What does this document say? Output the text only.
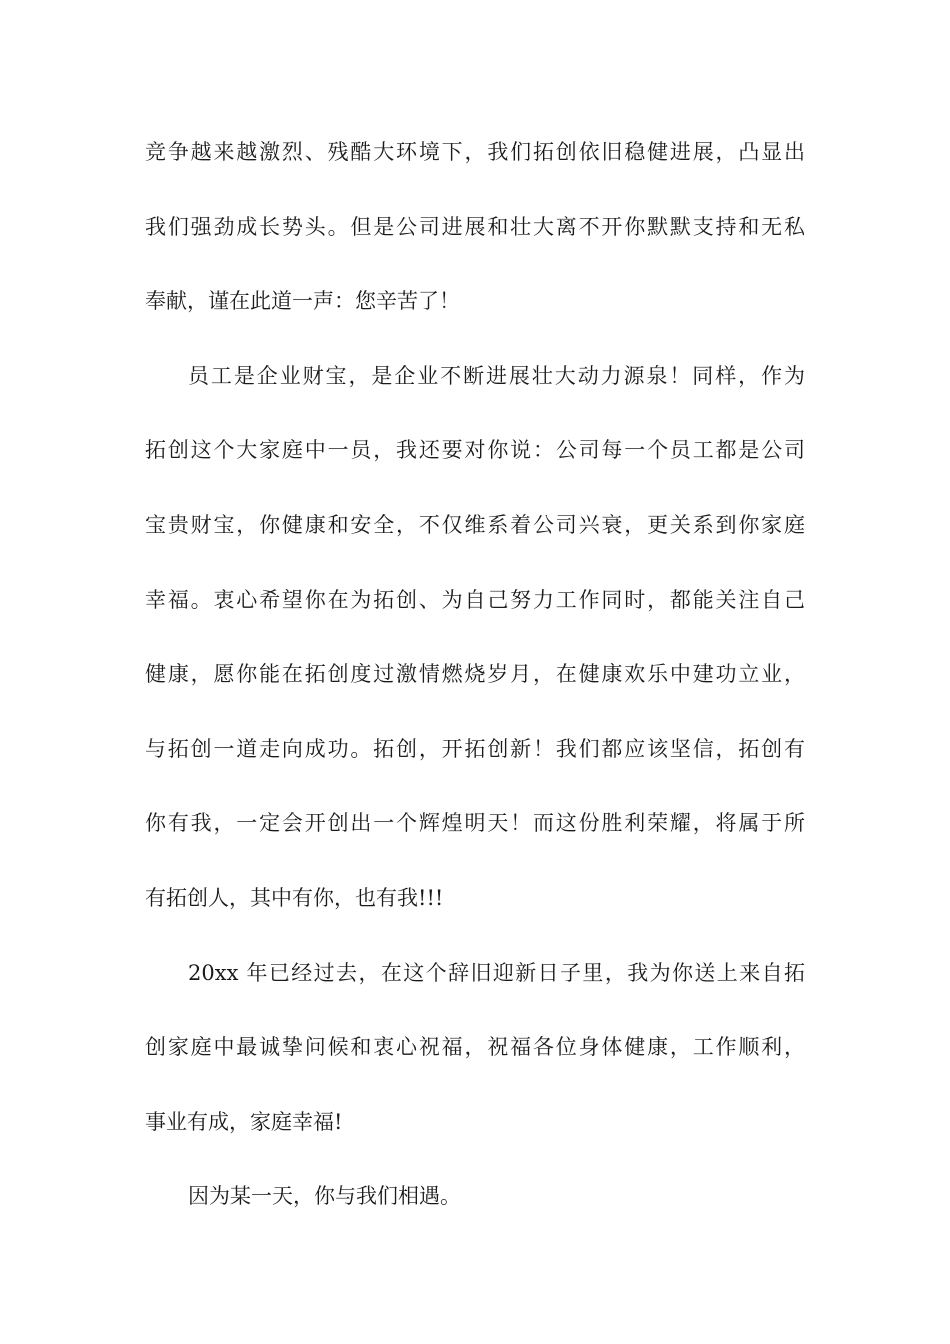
竞争越来越激烈、残酷大环境下，我们拓创依旧稳健进展，凸显出
我们强劲成长势头。但是公司进展和壮大离不开你默默支持和无私
奉献，谨在此道一声：您辛苦了！
员工是企业财宝，是企业不断进展壮大动力源泉！同样，作为
拓创这个大家庭中一员，我还要对你说：公司每一个员工都是公司
宝贵财宝，你健康和安全，不仅维系着公司兴衰，更关系到你家庭
幸福。衷心希望你在为拓创、为自己努力工作同时，都能关注自己
健康，愿你能在拓创度过激情燃烧岁月，在健康欢乐中建功立业，
与拓创一道走向成功。拓创，开拓创新！我们都应该坚信，拓创有
你有我，一定会开创出一个辉煌明天！而这份胜利荣耀，将属于所
有拓创人，其中有你，也有我!!!
20xx 年已经过去，在这个辞旧迎新日子里，我为你送上来自拓
创家庭中最诚挚问候和衷心祝福，祝福各位身体健康，工作顺利，
事业有成，家庭幸福!
因为某一天，你与我们相遇。
